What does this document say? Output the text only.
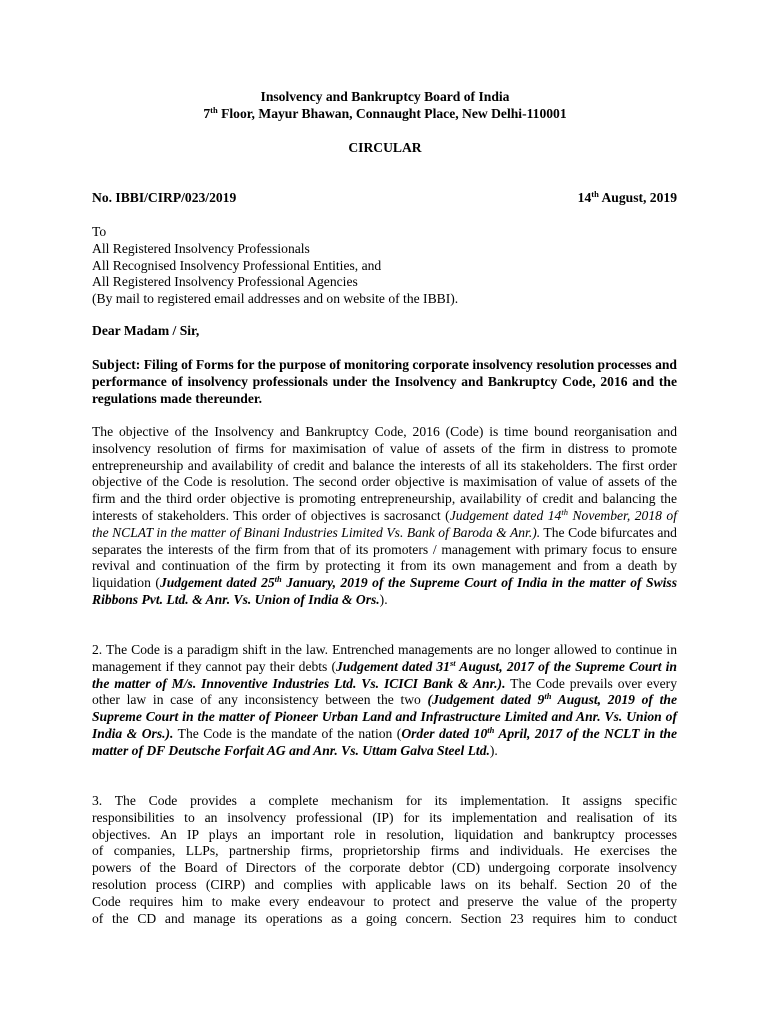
Insolvency and Bankruptcy Board of India
7th Floor, Mayur Bhawan, Connaught Place, New Delhi-110001
CIRCULAR
No. IBBI/CIRP/023/2019	14th August, 2019
To
All Registered Insolvency Professionals
All Recognised Insolvency Professional Entities, and
All Registered Insolvency Professional Agencies
(By mail to registered email addresses and on website of the IBBI).
Dear Madam / Sir,

Subject: Filing of Forms for the purpose of monitoring corporate insolvency resolution processes and performance of insolvency professionals under the Insolvency and Bankruptcy Code, 2016 and the regulations made thereunder.

The objective of the Insolvency and Bankruptcy Code, 2016 (Code) is time bound reorganisation and insolvency resolution of firms for maximisation of value of assets of the firm in distress to promote entrepreneurship and availability of credit and balance the interests of all its stakeholders. The first order objective of the Code is resolution. The second order objective is maximisation of value of assets of the firm and the third order objective is promoting entrepreneurship, availability of credit and balancing the interests of stakeholders. This order of objectives is sacrosanct (Judgement dated 14th November, 2018 of the NCLAT in the matter of Binani Industries Limited Vs. Bank of Baroda & Anr.). The Code bifurcates and separates the interests of the firm from that of its promoters / management with primary focus to ensure revival and continuation of the firm by protecting it from its own management and from a death by liquidation (Judgement dated 25th January, 2019 of the Supreme Court of India in the matter of Swiss Ribbons Pvt. Ltd. & Anr. Vs. Union of India & Ors.).

2. The Code is a paradigm shift in the law. Entrenched managements are no longer allowed to continue in management if they cannot pay their debts (Judgement dated 31st August, 2017 of the Supreme Court in the matter of M/s. Innoventive Industries Ltd. Vs. ICICI Bank & Anr.). The Code prevails over every other law in case of any inconsistency between the two (Judgement dated 9th August, 2019 of the Supreme Court in the matter of Pioneer Urban Land and Infrastructure Limited and Anr. Vs. Union of India & Ors.). The Code is the mandate of the nation (Order dated 10th April, 2017 of the NCLT in the matter of DF Deutsche Forfait AG and Anr. Vs. Uttam Galva Steel Ltd.).

3. The Code provides a complete mechanism for its implementation. It assigns specific
responsibilities to an insolvency professional (IP) for its implementation and realisation of its
objectives. An IP plays an important role in resolution, liquidation and bankruptcy processes
of companies, LLPs, partnership firms, proprietorship firms and individuals. He exercises the
powers of the Board of Directors of the corporate debtor (CD) undergoing corporate insolvency
resolution process (CIRP) and complies with applicable laws on its behalf. Section 20 of the
Code requires him to make every endeavour to protect and preserve the value of the property
of the CD and manage its operations as a going concern. Section 23 requires him to conduct
